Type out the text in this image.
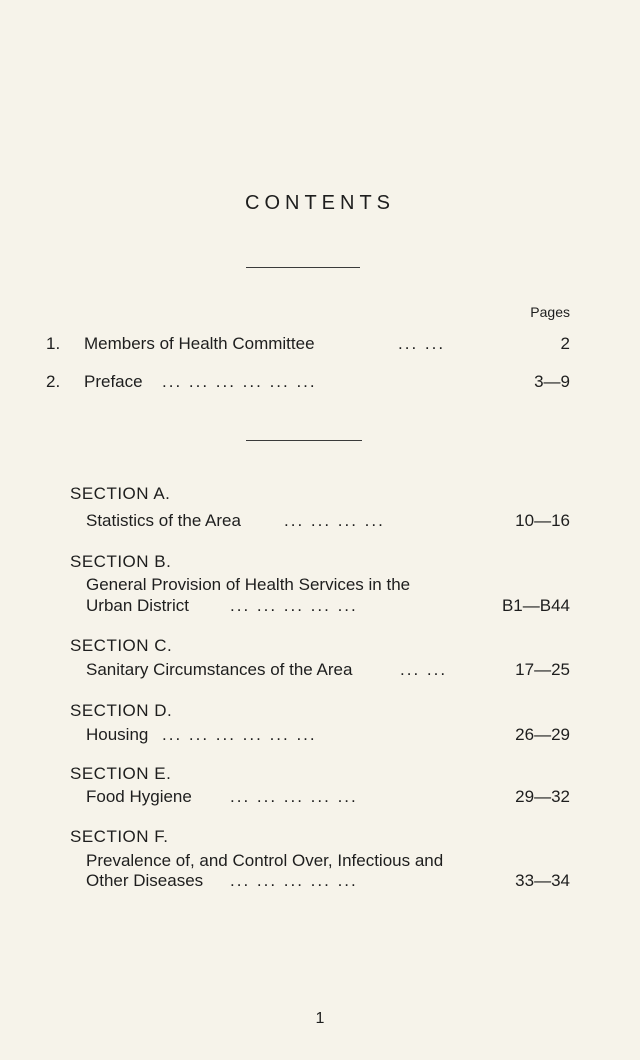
CONTENTS
Pages
1. Members of Health Committee	... ...	2
2. Preface ... ... ... ... ... ...	3—9
SECTION A.
Statistics of the Area	... ... ... ...	10—16
SECTION B.
General Provision of Health Services in the
Urban District ... ... ... ... ...	B1—B44
SECTION C.
Sanitary Circumstances of the Area	... ...	17—25
SECTION D.
Housing ... ... ... ... ... ...	26—29
SECTION E.
Food Hygiene ... ... ... ... ...	29—32
SECTION F.
Prevalence of, and Control Over, Infectious and
Other Diseases ... ... ... ... ...	33—34
1
